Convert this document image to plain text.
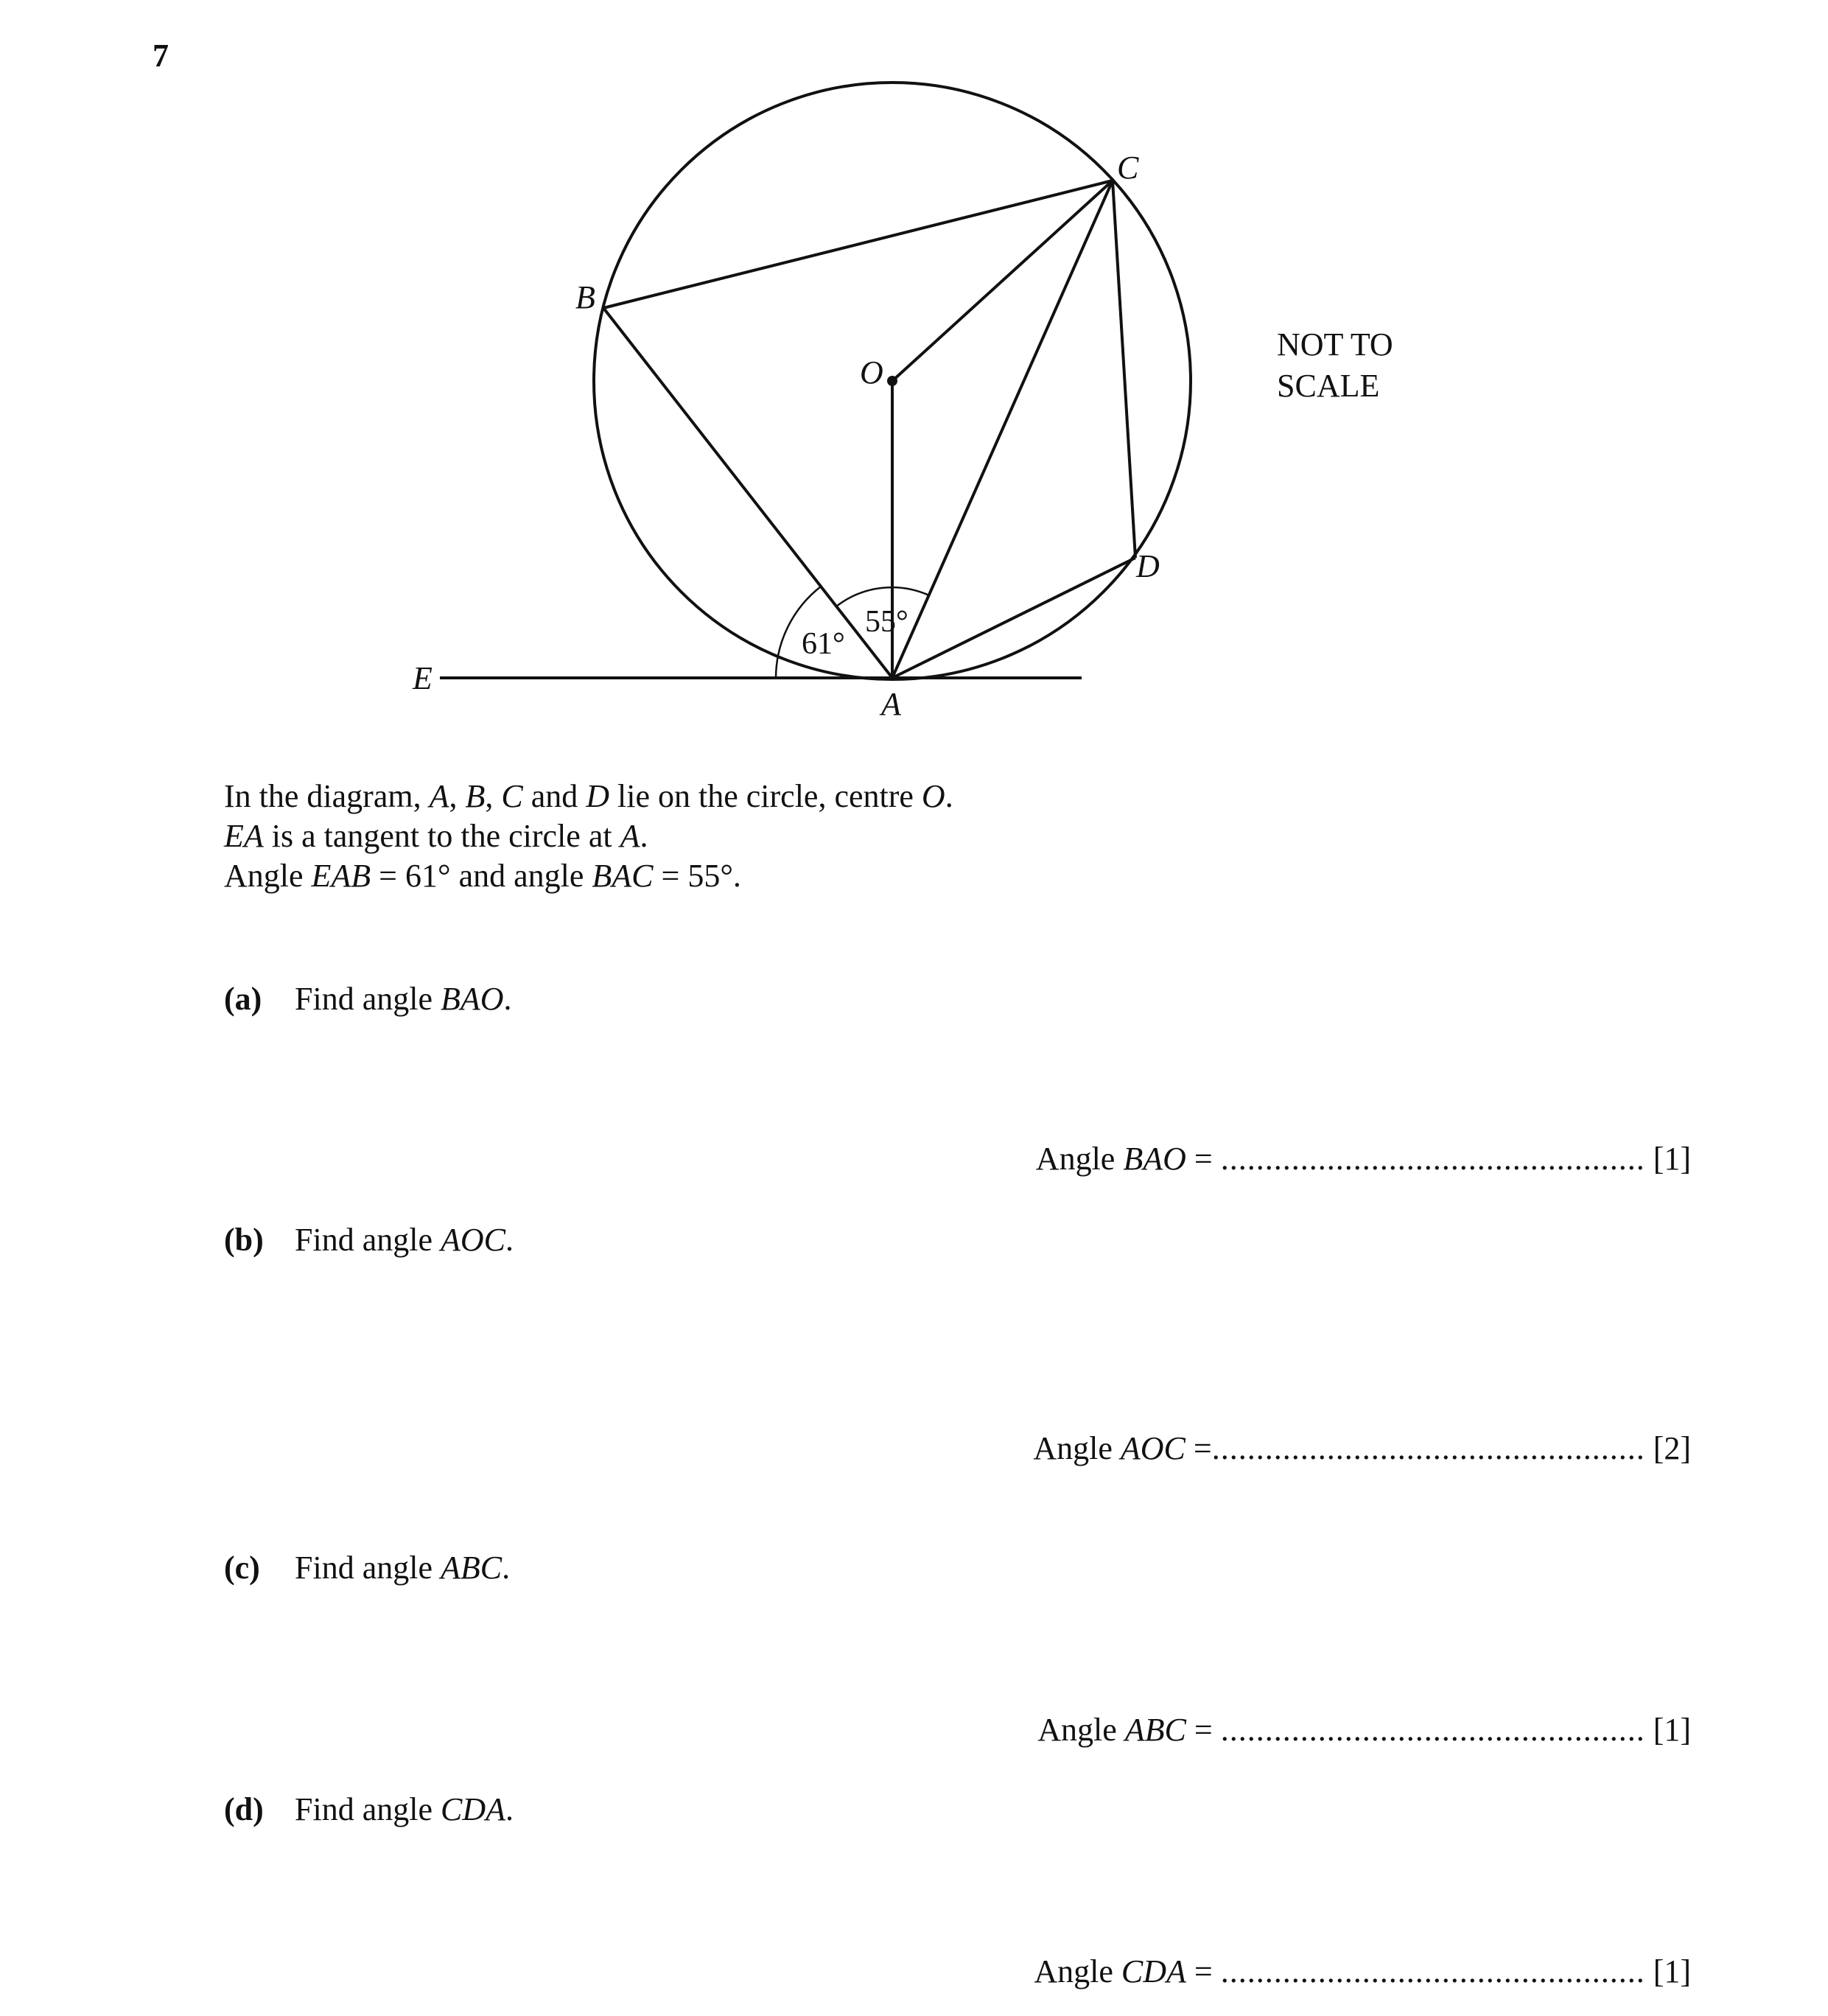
7
E
A
B
C
D
O
61°
55°
NOT TO
SCALE
In the diagram, A, B, C and D lie on the circle, centre O.
EA is a tangent to the circle at A.
Angle EAB = 61° and angle BAC = 55°.
(a) Find angle BAO.
Angle BAO = ................................................ [1]
(b) Find angle AOC.
Angle AOC =................................................. [2]
(c) Find angle ABC.
Angle ABC = ................................................ [1]
(d) Find angle CDA.
Angle CDA = ................................................ [1]
